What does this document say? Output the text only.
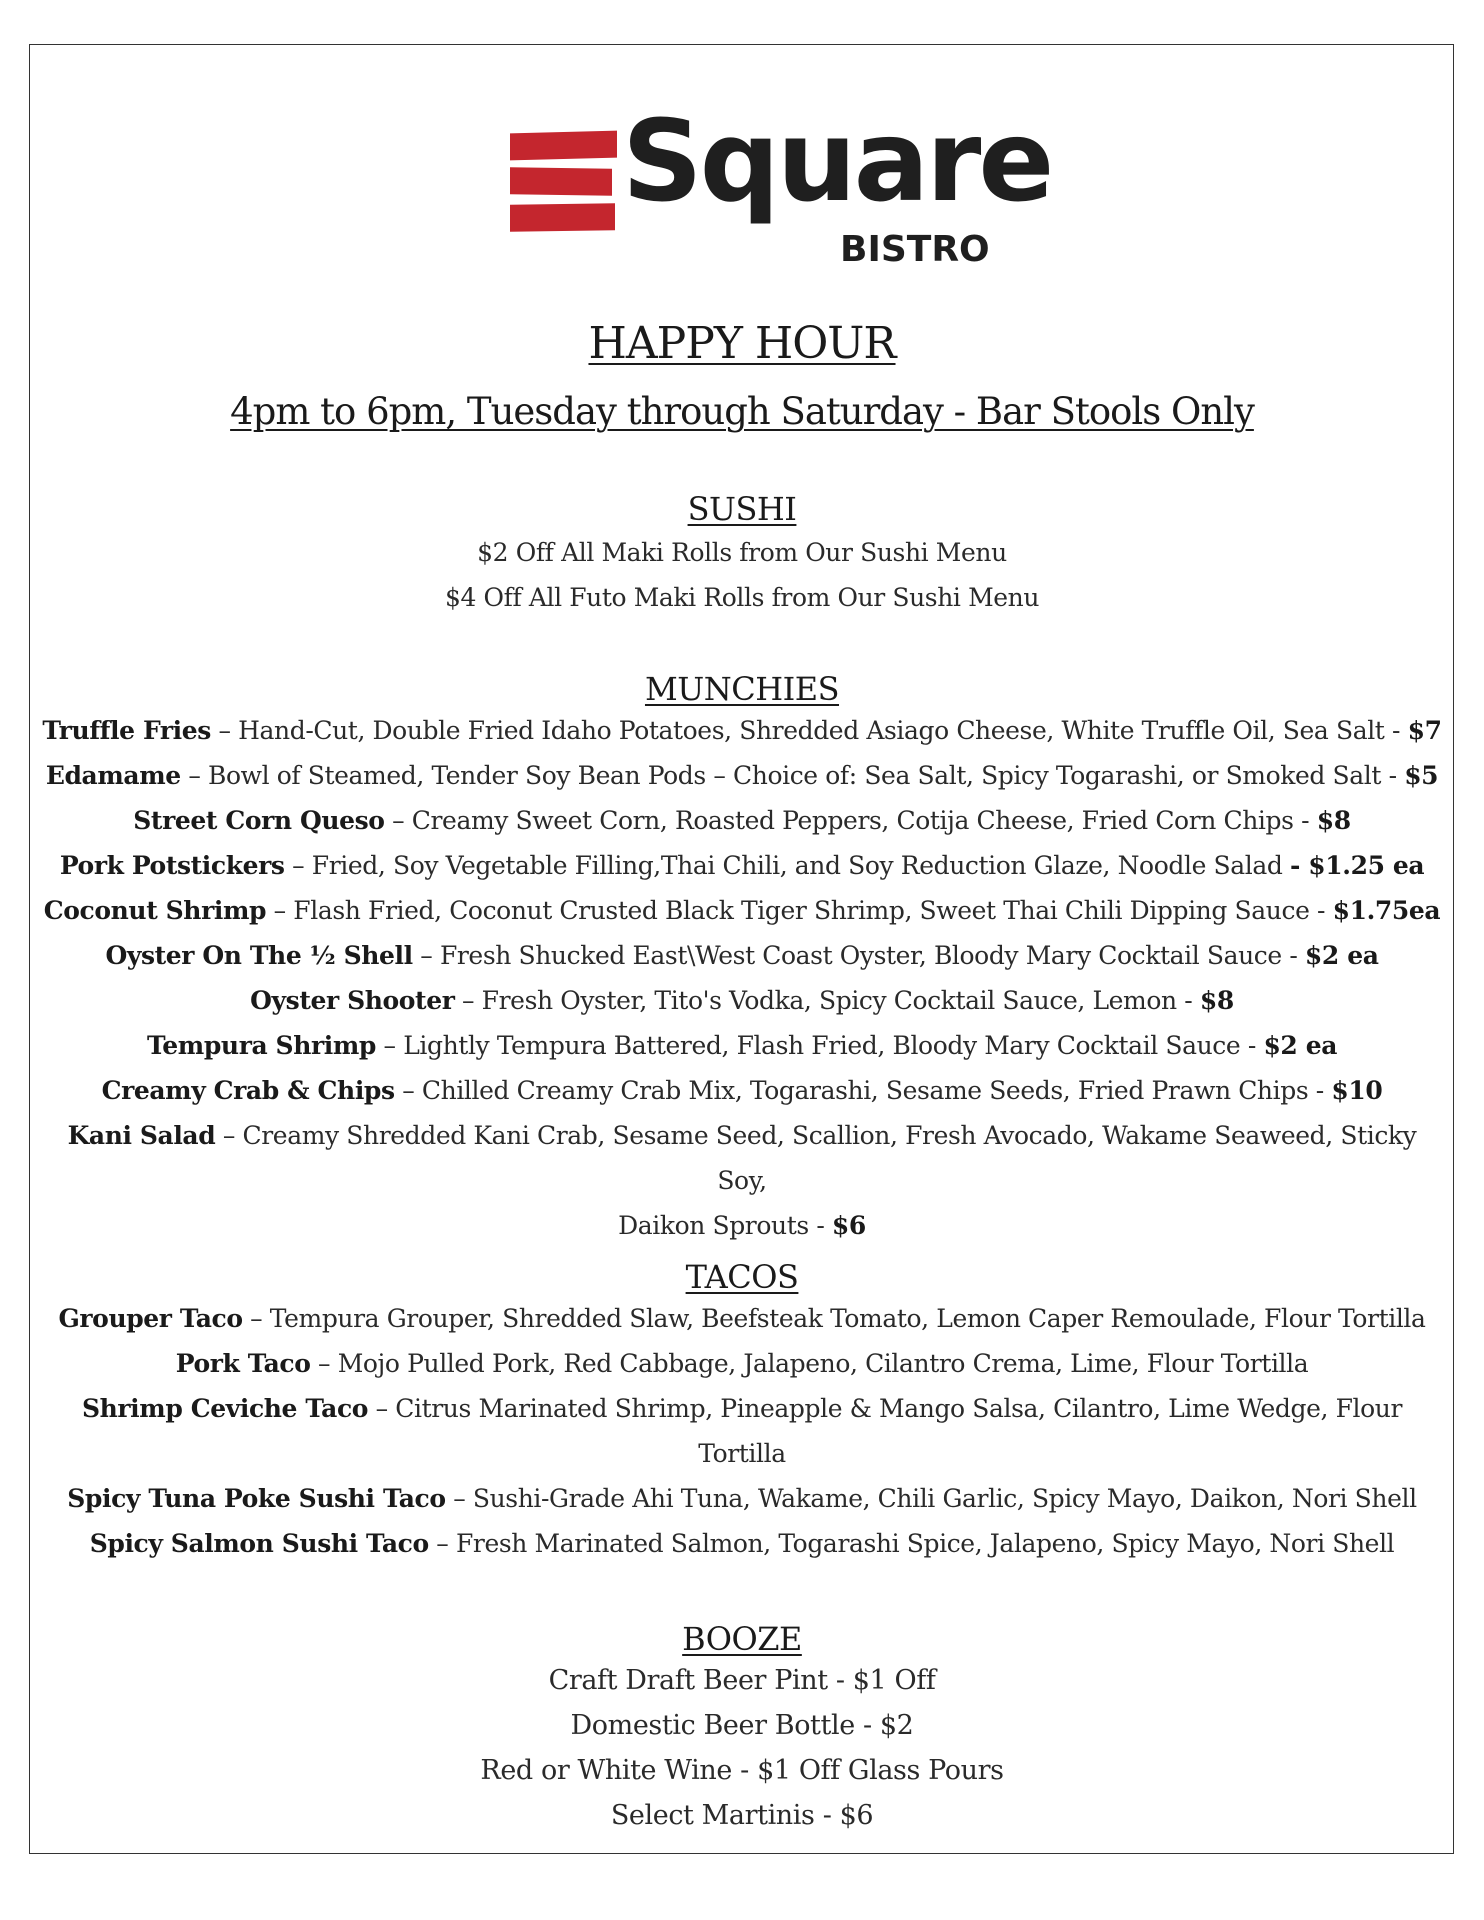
Square
BISTRO
HAPPY HOUR
4pm to 6pm, Tuesday through Saturday - Bar Stools Only
SUSHI
$2 Off All Maki Rolls from Our Sushi Menu
$4 Off All Futo Maki Rolls from Our Sushi Menu
MUNCHIES
Truffle Fries – Hand-Cut, Double Fried Idaho Potatoes, Shredded Asiago Cheese, White Truffle Oil, Sea Salt - $7
Edamame – Bowl of Steamed, Tender Soy Bean Pods – Choice of: Sea Salt, Spicy Togarashi, or Smoked Salt - $5
Street Corn Queso – Creamy Sweet Corn, Roasted Peppers, Cotija Cheese, Fried Corn Chips - $8
Pork Potstickers – Fried, Soy Vegetable Filling,Thai Chili, and Soy Reduction Glaze, Noodle Salad - $1.25 ea
Coconut Shrimp – Flash Fried, Coconut Crusted Black Tiger Shrimp, Sweet Thai Chili Dipping Sauce - $1.75ea
Oyster On The ½ Shell – Fresh Shucked East\West Coast Oyster, Bloody Mary Cocktail Sauce - $2 ea
Oyster Shooter – Fresh Oyster, Tito's Vodka, Spicy Cocktail Sauce, Lemon - $8
Tempura Shrimp – Lightly Tempura Battered, Flash Fried, Bloody Mary Cocktail Sauce - $2 ea
Creamy Crab & Chips – Chilled Creamy Crab Mix, Togarashi, Sesame Seeds, Fried Prawn Chips - $10
Kani Salad – Creamy Shredded Kani Crab, Sesame Seed, Scallion, Fresh Avocado, Wakame Seaweed, Sticky Soy,
Daikon Sprouts - $6
TACOS
Grouper Taco – Tempura Grouper, Shredded Slaw, Beefsteak Tomato, Lemon Caper Remoulade, Flour Tortilla
Pork Taco – Mojo Pulled Pork, Red Cabbage, Jalapeno, Cilantro Crema, Lime, Flour Tortilla
Shrimp Ceviche Taco – Citrus Marinated Shrimp, Pineapple & Mango Salsa, Cilantro, Lime Wedge, Flour Tortilla
Spicy Tuna Poke Sushi Taco – Sushi-Grade Ahi Tuna, Wakame, Chili Garlic, Spicy Mayo, Daikon, Nori Shell
Spicy Salmon Sushi Taco – Fresh Marinated Salmon, Togarashi Spice, Jalapeno, Spicy Mayo, Nori Shell
BOOZE
Craft Draft Beer Pint - $1 Off
Domestic Beer Bottle - $2
Red or White Wine - $1 Off Glass Pours
Select Martinis - $6
